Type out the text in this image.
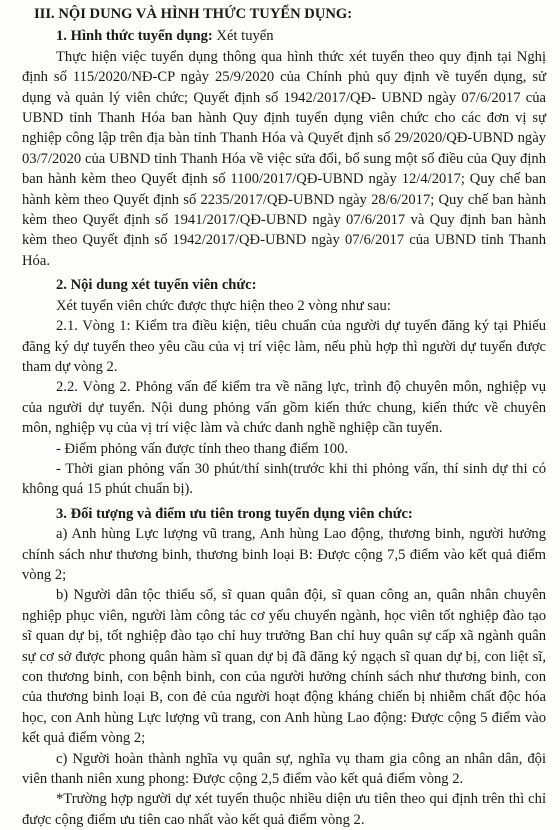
III. NỘI DUNG VÀ HÌNH THỨC TUYỂN DỤNG:
1. Hình thức tuyển dụng: Xét tuyển

Thực hiện việc tuyển dụng thông qua hình thức xét tuyển theo quy định tại Nghị định số 115/2020/NĐ-CP ngày 25/9/2020 của Chính phủ quy định về tuyển dụng, sử dụng và quản lý viên chức; Quyết định số 1942/2017/QĐ- UBND ngày 07/6/2017 của UBND tỉnh Thanh Hóa ban hành Quy định tuyển dụng viên chức cho các đơn vị sự nghiệp công lập trên địa bàn tỉnh Thanh Hóa và Quyết định số 29/2020/QĐ-UBND ngày 03/7/2020 của UBND tỉnh Thanh Hóa về việc sửa đổi, bổ sung một số điều của Quy định ban hành kèm theo Quyết định số 1100/2017/QĐ-UBND ngày 12/4/2017; Quy chế ban hành kèm theo Quyết định số 2235/2017/QĐ-UBND ngày 28/6/2017; Quy chế ban hành kèm theo Quyết định số 1941/2017/QĐ-UBND ngày 07/6/2017 và Quy định ban hành kèm theo Quyết định số 1942/2017/QĐ-UBND ngày 07/6/2017 của UBND tỉnh Thanh Hóa.

2. Nội dung xét tuyển viên chức:

Xét tuyển viên chức được thực hiện theo 2 vòng như sau:

2.1. Vòng 1: Kiểm tra điều kiện, tiêu chuẩn của người dự tuyển đăng ký tại Phiếu đăng ký dự tuyển theo yêu cầu của vị trí việc làm, nếu phù hợp thì người dự tuyển được tham dự vòng 2.

2.2. Vòng 2. Phỏng vấn để kiểm tra về năng lực, trình độ chuyên môn, nghiệp vụ của người dự tuyển. Nội dung phỏng vấn gồm kiến thức chung, kiến thức về chuyên môn, nghiệp vụ của vị trí việc làm và chức danh nghề nghiệp cần tuyển.

- Điểm phỏng vấn được tính theo thang điểm 100.

- Thời gian phỏng vấn 30 phút/thí sinh(trước khi thi phỏng vấn, thí sinh dự thi có không quá 15 phút chuẩn bị).

3. Đối tượng và điểm ưu tiên trong tuyển dụng viên chức:

a) Anh hùng Lực lượng vũ trang, Anh hùng Lao động, thương binh, người hưởng chính sách như thương binh, thương binh loại B: Được cộng 7,5 điểm vào kết quả điểm vòng 2;

b) Người dân tộc thiểu số, sĩ quan quân đội, sĩ quan công an, quân nhân chuyên nghiệp phục viên, người làm công tác cơ yếu chuyển ngành, học viên tốt nghiệp đào tạo sĩ quan dự bị, tốt nghiệp đào tạo chỉ huy trưởng Ban chỉ huy quân sự cấp xã ngành quân sự cơ sở được phong quân hàm sĩ quan dự bị đã đăng ký ngạch sĩ quan dự bị, con liệt sĩ, con thương binh, con bệnh binh, con của người hưởng chính sách như thương binh, con của thương binh loại B, con đẻ của người hoạt động kháng chiến bị nhiễm chất độc hóa học, con Anh hùng Lực lượng vũ trang, con Anh hùng Lao động: Được cộng 5 điểm vào kết quả điểm vòng 2;

c) Người hoàn thành nghĩa vụ quân sự, nghĩa vụ tham gia công an nhân dân, đội viên thanh niên xung phong: Được cộng 2,5 điểm vào kết quả điểm vòng 2.

*Trường hợp người dự xét tuyển thuộc nhiều diện ưu tiên theo qui định trên thì chỉ được cộng điểm ưu tiên cao nhất vào kết quả điểm vòng 2.
